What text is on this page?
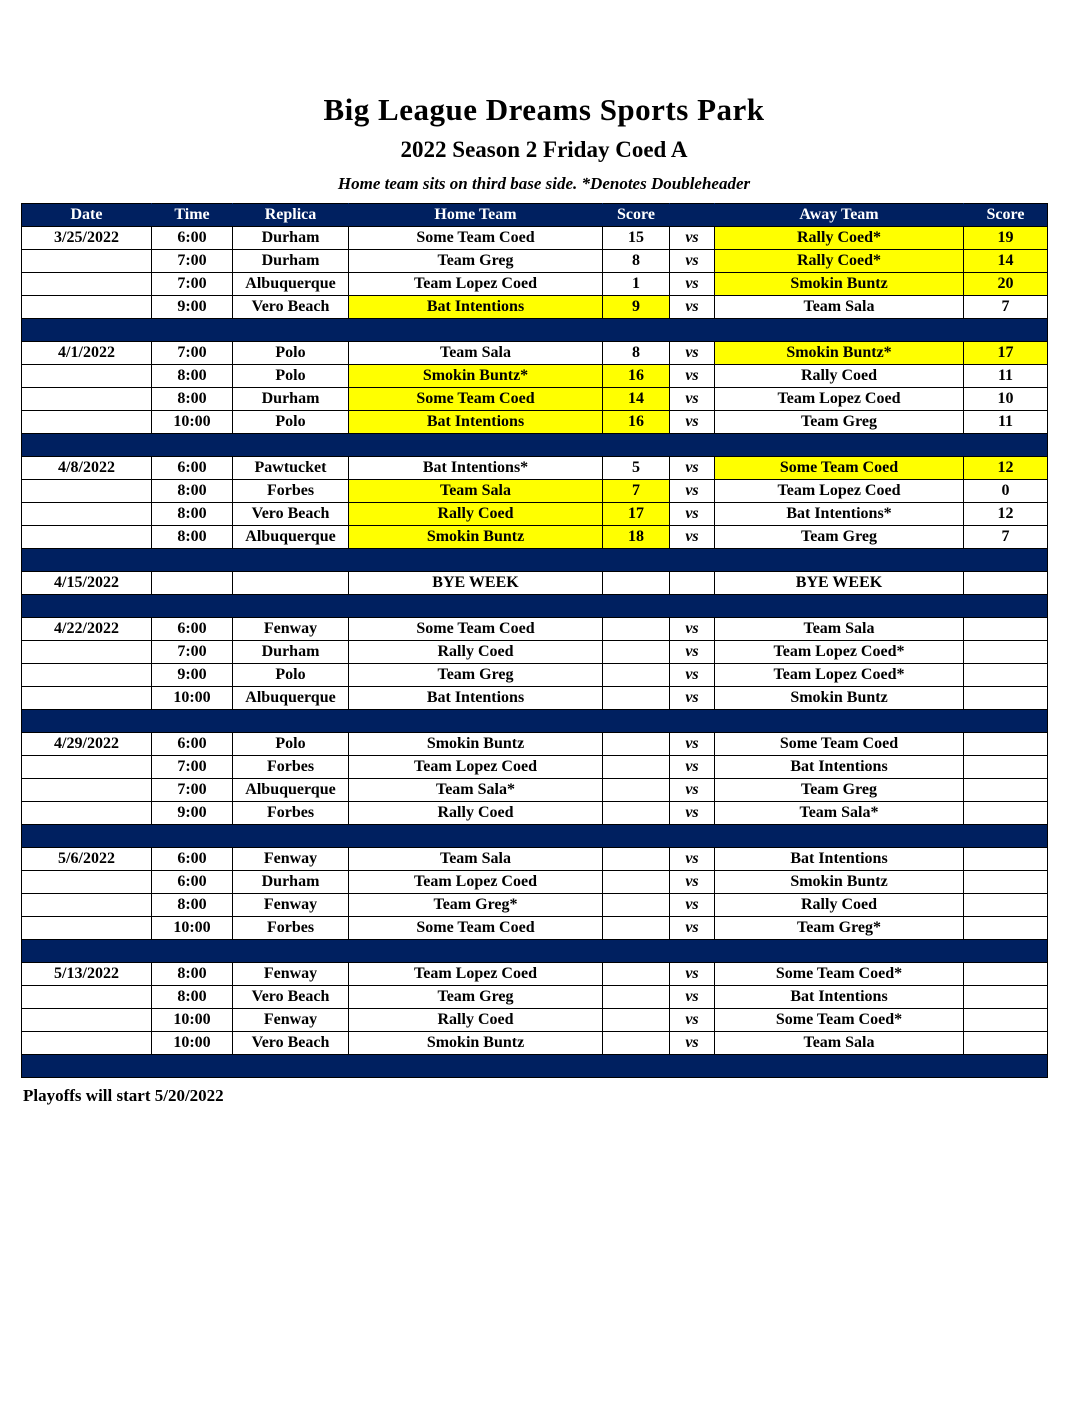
Big League Dreams Sports Park
2022 Season 2 Friday Coed A
Home team sits on third base side. *Denotes Doubleheader
Date	Time	Replica	Home Team	Score		Away Team	Score
3/25/2022	6:00	Durham	Some Team Coed	15	vs	Rally Coed*	19
	7:00	Durham	Team Greg	8	vs	Rally Coed*	14
	7:00	Albuquerque	Team Lopez Coed	1	vs	Smokin Buntz	20
	9:00	Vero Beach	Bat Intentions	9	vs	Team Sala	7

4/1/2022	7:00	Polo	Team Sala	8	vs	Smokin Buntz*	17
	8:00	Polo	Smokin Buntz*	16	vs	Rally Coed	11
	8:00	Durham	Some Team Coed	14	vs	Team Lopez Coed	10
	10:00	Polo	Bat Intentions	16	vs	Team Greg	11

4/8/2022	6:00	Pawtucket	Bat Intentions*	5	vs	Some Team Coed	12
	8:00	Forbes	Team Sala	7	vs	Team Lopez Coed	0
	8:00	Vero Beach	Rally Coed	17	vs	Bat Intentions*	12
	8:00	Albuquerque	Smokin Buntz	18	vs	Team Greg	7

4/15/2022			BYE WEEK			BYE WEEK	

4/22/2022	6:00	Fenway	Some Team Coed		vs	Team Sala	
	7:00	Durham	Rally Coed		vs	Team Lopez Coed*	
	9:00	Polo	Team Greg		vs	Team Lopez Coed*	
	10:00	Albuquerque	Bat Intentions		vs	Smokin Buntz	

4/29/2022	6:00	Polo	Smokin Buntz		vs	Some Team Coed	
	7:00	Forbes	Team Lopez Coed		vs	Bat Intentions	
	7:00	Albuquerque	Team Sala*		vs	Team Greg	
	9:00	Forbes	Rally Coed		vs	Team Sala*	

5/6/2022	6:00	Fenway	Team Sala		vs	Bat Intentions	
	6:00	Durham	Team Lopez Coed		vs	Smokin Buntz	
	8:00	Fenway	Team Greg*		vs	Rally Coed	
	10:00	Forbes	Some Team Coed		vs	Team Greg*	

5/13/2022	8:00	Fenway	Team Lopez Coed		vs	Some Team Coed*	
	8:00	Vero Beach	Team Greg		vs	Bat Intentions	
	10:00	Fenway	Rally Coed		vs	Some Team Coed*	
	10:00	Vero Beach	Smokin Buntz		vs	Team Sala	

Playoffs will start 5/20/2022
